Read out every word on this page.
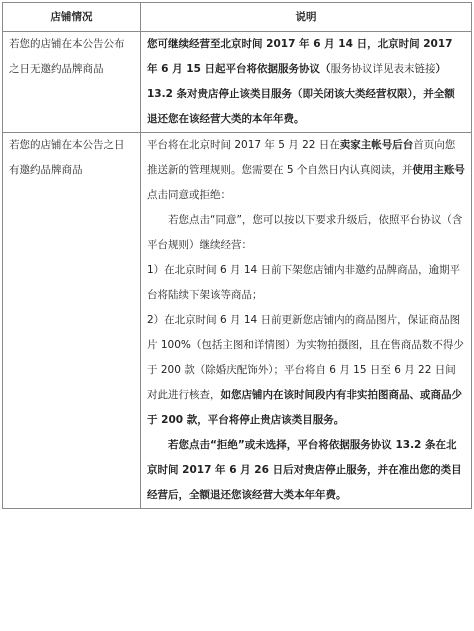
店铺情况	说明
若您的店铺在本公告公布之日无邀约品牌商品	您可继续经营至北京时间 2017 年 6 月 14 日，北京时间 2017 年 6 月 15 日起平台将依据服务协议（服务协议详见表末链接）13.2 条对贵店停止该类目服务（即关闭该大类经营权限），并全额退还您在该经营大类的本年年费。

若您的店铺在本公告之日有邀约品牌商品	平台将在北京时间 2017 年 5 月 22 日在卖家主帐号后台首页向您推送新的管理规则。您需要在 5 个自然日内认真阅读，并使用主账号点击同意或拒绝：

若您点击“同意”，您可以按以下要求升级后，依照平台协议（含平台规则）继续经营：

1）在北京时间 6 月 14 日前下架您店铺内非邀约品牌商品，逾期平台将陆续下架该等商品；

2）在北京时间 6 月 14 日前更新您店铺内的商品图片，保证商品图片 100%（包括主图和详情图）为实物拍摄图，且在售商品数不得少于 200 款（除婚庆配饰外）；平台将自 6 月 15 日至 6 月 22 日间对此进行核查，如您店铺内在该时间段内有非实拍图商品、或商品少于 200 款，平台将停止贵店该类目服务。

若您点击“拒绝”或未选择，平台将依据服务协议 13.2 条在北京时间 2017 年 6 月 26 日后对贵店停止服务，并在准出您的类目经营后，全额退还您该经营大类本年年费。
